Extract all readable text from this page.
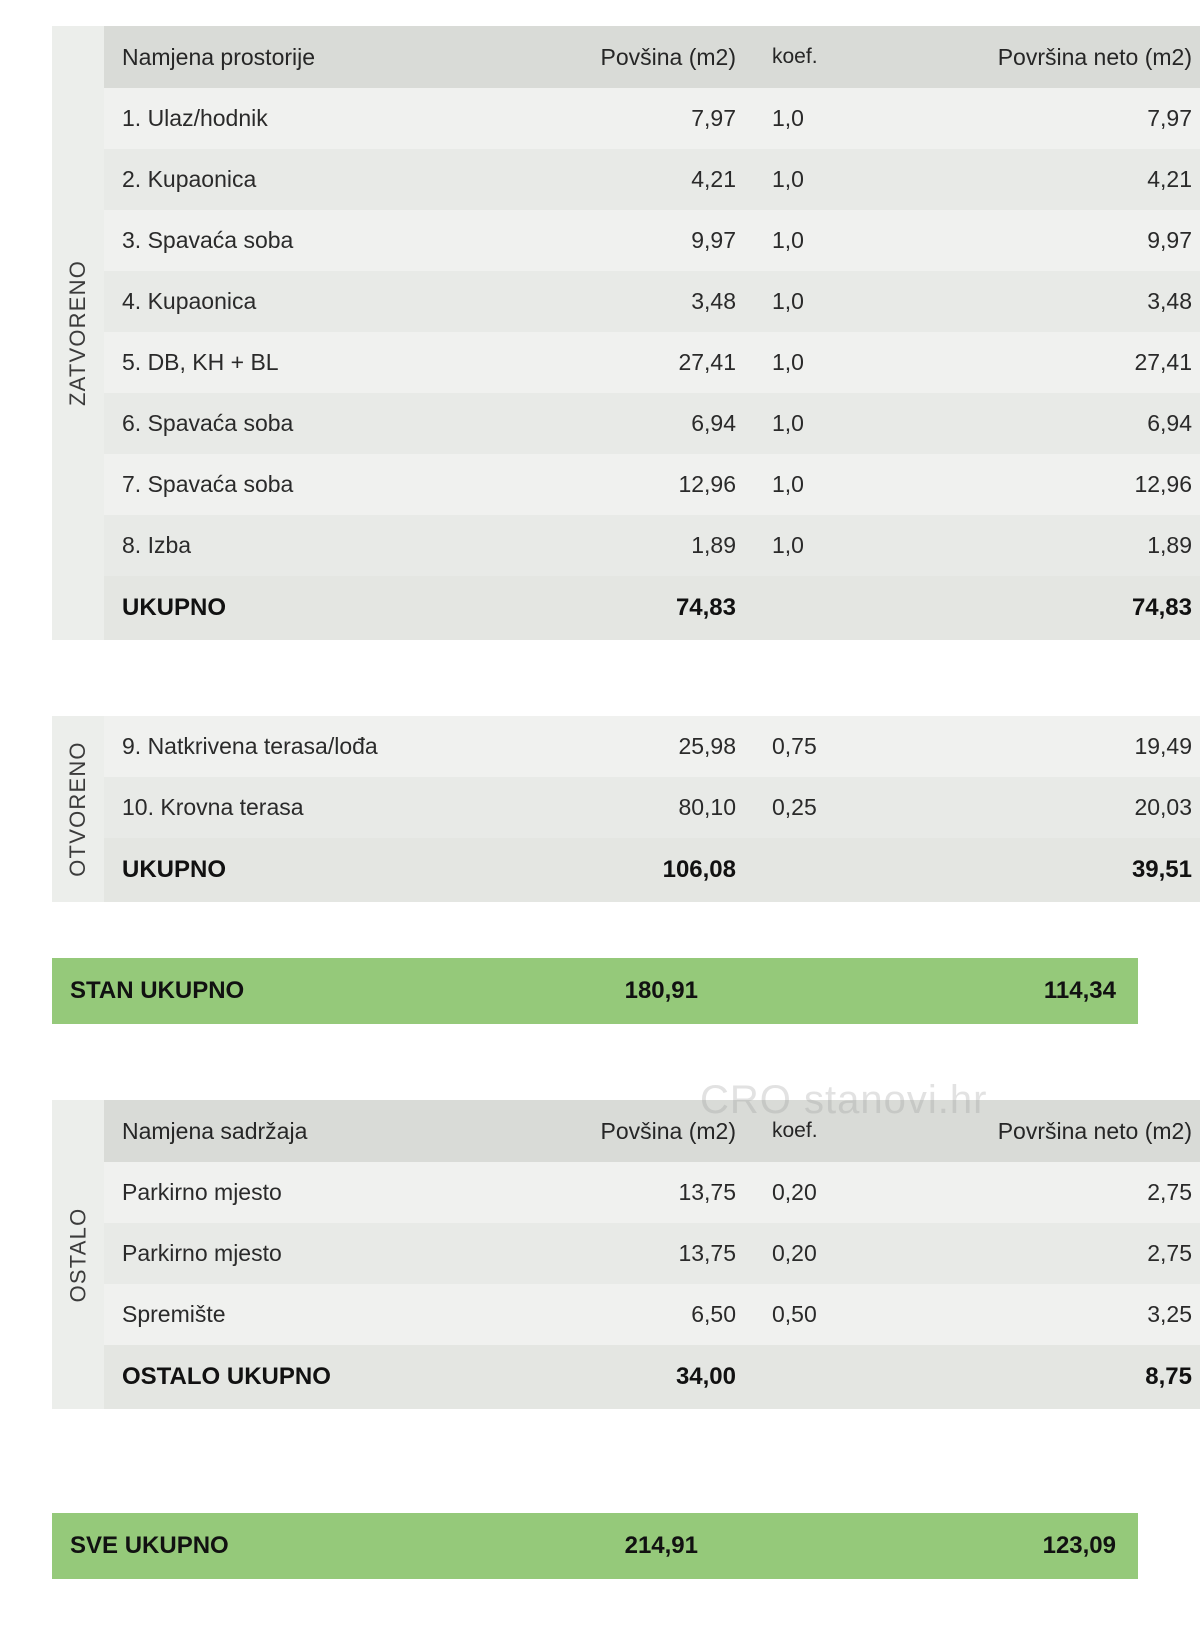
ZATVORENO
Namjena prostorije	Povšina (m2)	koef.	Površina neto (m2)
1. Ulaz/hodnik	7,97	1,0	7,97
2. Kupaonica	4,21	1,0	4,21
3. Spavaća soba	9,97	1,0	9,97
4. Kupaonica	3,48	1,0	3,48
5. DB, KH + BL	27,41	1,0	27,41
6. Spavaća soba	6,94	1,0	6,94
7. Spavaća soba	12,96	1,0	12,96
8. Izba	1,89	1,0	1,89
UKUPNO	74,83		74,83
OTVORENO 9. Natkrivena terasa/lođa	25,98	0,75	19,49
10. Krovna terasa	80,10	0,25	20,03
UKUPNO	106,08		39,51
STAN UKUPNO	180,91	114,34
OSTALO
Namjena sadržaja	Povšina (m2)	koef.	Površina neto (m2)
Parkirno mjesto	13,75	0,20	2,75
Parkirno mjesto	13,75	0,20	2,75
Spremište	6,50	0,50	3,25
OSTALO UKUPNO	34,00		8,75
SVE UKUPNO	214,91	123,09
CRO stanovi.hr
